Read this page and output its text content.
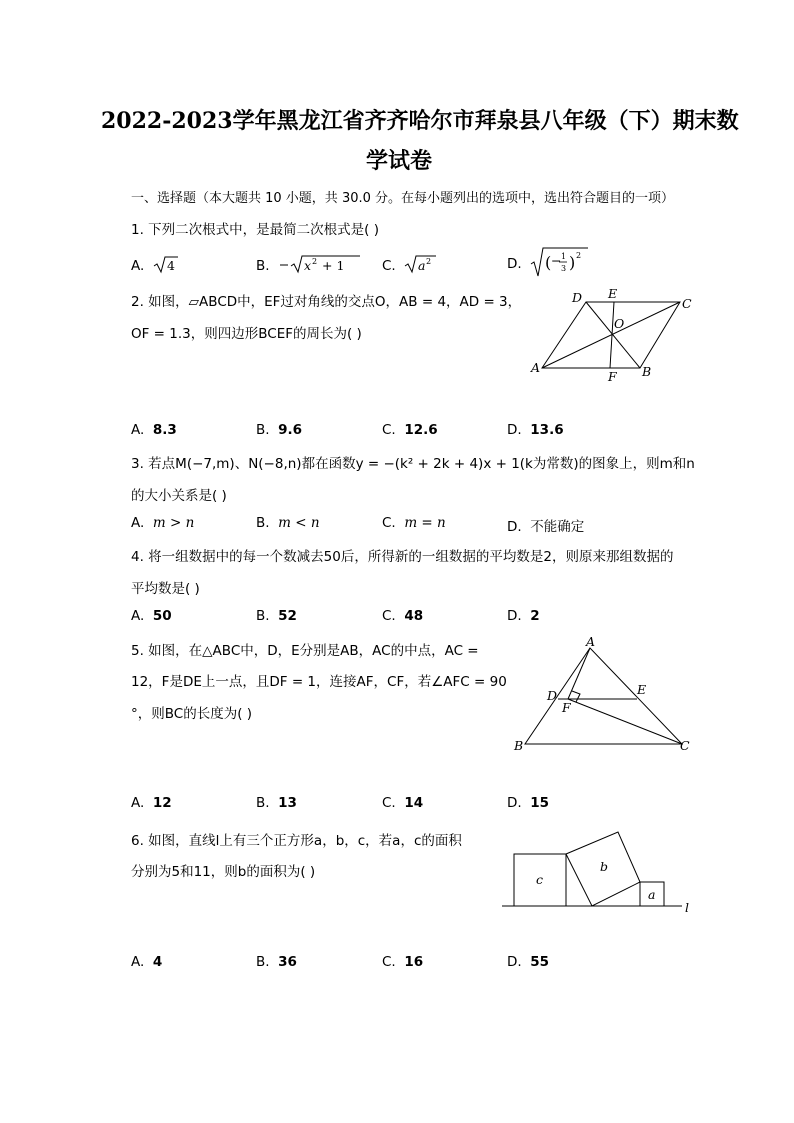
2022-2023学年黑龙江省齐齐哈尔市拜泉县八年级（下）期末数
学试卷
一、选择题（本大题共 10 小题，共 30.0 分。在每小题列出的选项中，选出符合题目的一项）
1. 下列二次根式中，是最简二次根式是( )
A. 4	B.	x 2 + 1	C. a 2	D. ( − 1
3 ) 2
2. 如图，▱ABCD中，EF过对角线的交点O，AB = 4，AD = 3，
OF = 1.3，则四边形BCEF的周长为( )
D E
C
O
A
F B
A. 8.3	B. 9.6	C. 12.6	D. 13.6
3. 若点M(−7,m)、N(−8,n)都在函数y = −(k² + 2k + 4)x + 1(k为常数)的图象上，则m和n
的大小关系是( )
A. m > n	B. m < n	C. m = n	D. 不能确定
4. 将一组数据中的每一个数减去50后，所得新的一组数据的平均数是2，则原来那组数据的
平均数是( )
A. 50	B. 52	C. 48	D. 2
5. 如图，在△ABC中，D，E分别是AB，AC的中点，AC =
12，F是DE上一点，且DF = 1，连接AF，CF，若∠AFC = 90
°，则BC的长度为( )
A
D	E
F
B	C
A. 12	B. 13	C. 14	D. 15
6. 如图，直线l上有三个正方形a，b，c，若a，c的面积
分别为5和11，则b的面积为( )	c
b
a
l
A. 4	B. 36	C. 16	D. 55
